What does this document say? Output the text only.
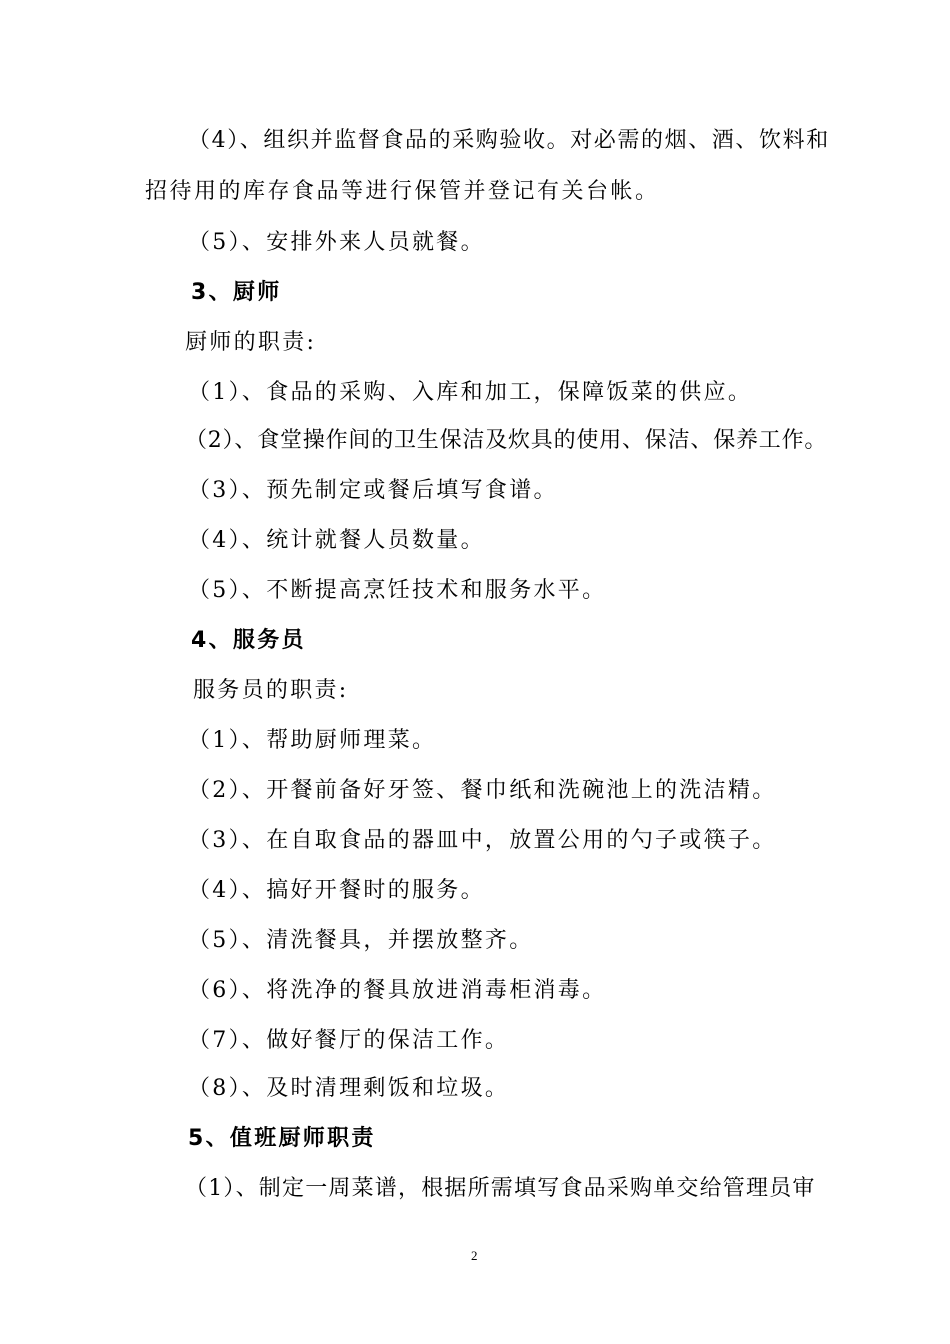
（4）、组织并监督食品的采购验收。对必需的烟、酒、饮料和
招待用的库存食品等进行保管并登记有关台帐。
（5）、安排外来人员就餐。
3、厨师
厨师的职责:
（1）、食品的采购、入库和加工，保障饭菜的供应。
（2）、食堂操作间的卫生保洁及炊具的使用、保洁、保养工作。
（3）、预先制定或餐后填写食谱。
（4）、统计就餐人员数量。
（5）、不断提高烹饪技术和服务水平。
4、服务员
服务员的职责:
（1）、帮助厨师理菜。
（2）、开餐前备好牙签、餐巾纸和洗碗池上的洗洁精。
（3）、在自取食品的器皿中，放置公用的勺子或筷子。
（4）、搞好开餐时的服务。
（5）、清洗餐具，并摆放整齐。
（6）、将洗净的餐具放进消毒柜消毒。
（7）、做好餐厅的保洁工作。
（8）、及时清理剩饭和垃圾。
5、值班厨师职责
（1）、制定一周菜谱，根据所需填写食品采购单交给管理员审
2
